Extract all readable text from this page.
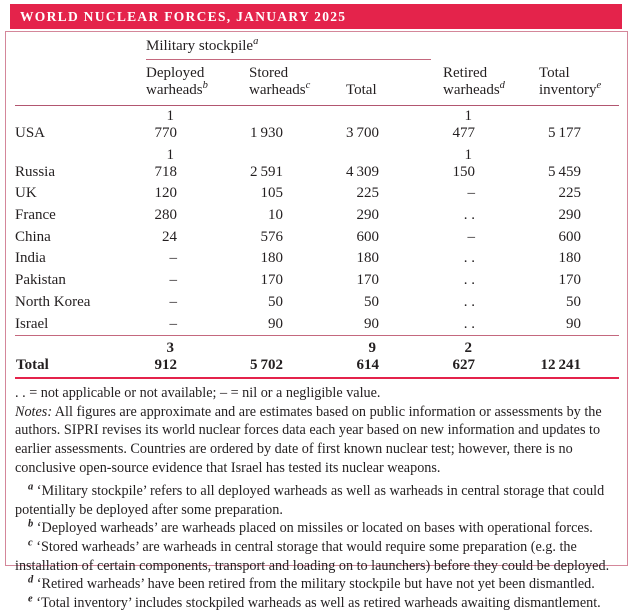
WORLD NUCLEAR FORCES, JANUARY 2025

	Military stockpile$^a$

	Deployed
warheads$^b$	Stored
warheads$^c$	Total	Retired
warheads$^d$	Total
inventory$^e$

USA	1 770	1 930	3 700	1 477	5 177
Russia	1 718	2 591	4 309	1 150	5 459
UK	120	105	225	–	225
France	280	10	290	. .	290
China	24	576	600	–	600
India	–	180	180	. .	180
Pakistan	–	170	170	. .	170
North Korea	–	50	50	. .	50
Israel	–	90	90	. .	90
Total	3 912	5 702	9 614	2 627	12 241

. . = not applicable or not available; – = nil or a negligible value.

Notes: All figures are approximate and are estimates based on public information or assessments by the authors. SIPRI revises its world nuclear forces data each year based on new information and updates to earlier assessments. Countries are ordered by date of first known nuclear test; however, there is no conclusive open-source evidence that Israel has tested its nuclear weapons.

$^a$ ‘Military stockpile’ refers to all deployed warheads as well as warheads in central storage that could potentially be deployed after some preparation.

$^b$ ‘Deployed warheads’ are warheads placed on missiles or located on bases with operational forces.

$^c$ ‘Stored warheads’ are warheads in central storage that would require some preparation (e.g. the installation of certain components, transport and loading on to launchers) before they could be deployed.

$^d$ ‘Retired warheads’ have been retired from the military stockpile but have not yet been dismantled.

$^e$ ‘Total inventory’ includes stockpiled warheads as well as retired warheads awaiting dismantlement.
